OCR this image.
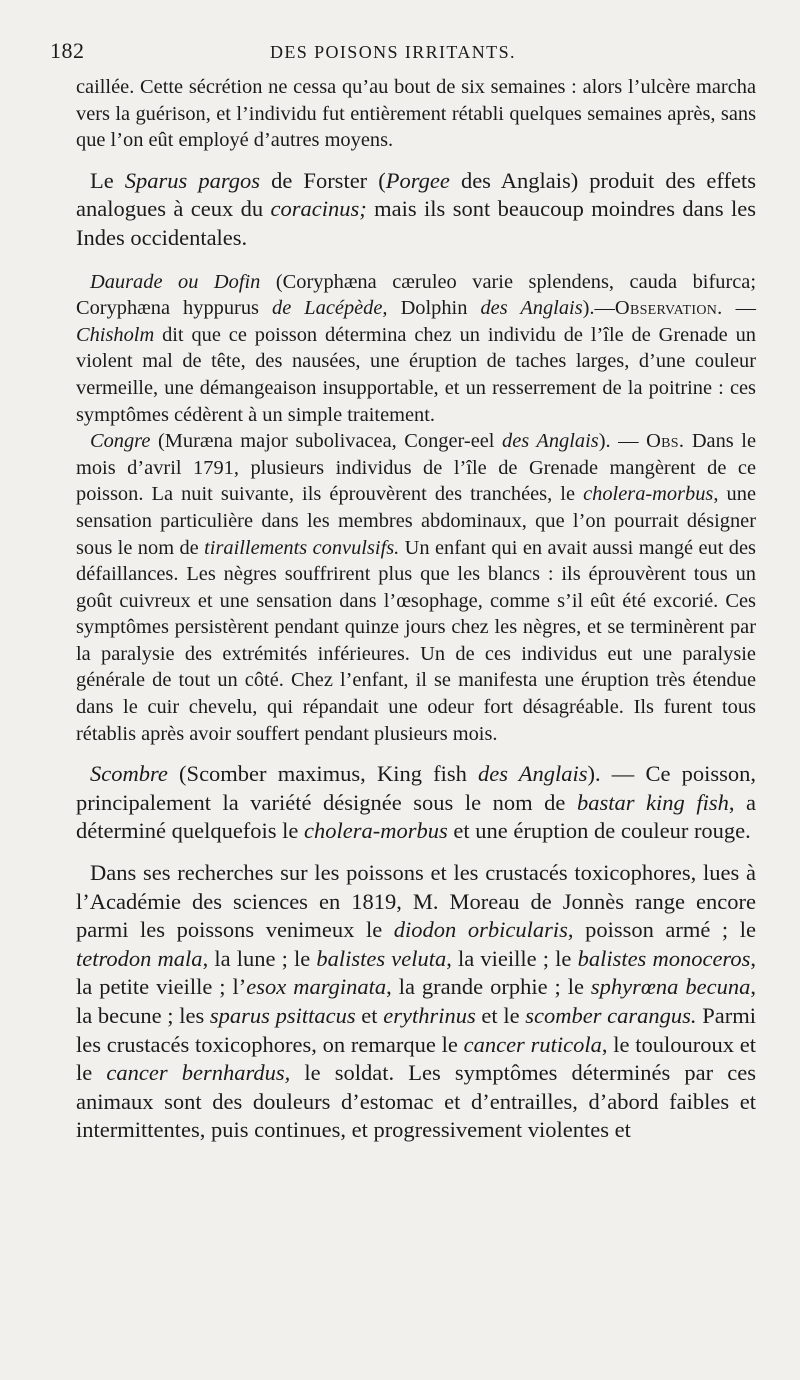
182	DES POISONS IRRITANTS.

caillée. Cette sécrétion ne cessa qu’au bout de six semaines : alors l’ulcère marcha vers la guérison, et l’individu fut entièrement rétabli quelques semaines après, sans que l’on eût employé d’autres moyens.

Le Sparus pargos de Forster (Porgee des Anglais) produit des effets analogues à ceux du coracinus; mais ils sont beaucoup moindres dans les Indes occidentales.

Daurade ou Dofin (Coryphæna cæruleo varie splendens, cauda bifurca; Coryphæna hyppurus de Lacépède, Dolphin des Anglais).—Observation. — Chisholm dit que ce poisson détermina chez un individu de l’île de Grenade un violent mal de tête, des nausées, une éruption de taches larges, d’une couleur vermeille, une démangeaison insupportable, et un resserrement de la poitrine : ces symptômes cédèrent à un simple traitement.

Congre (Muræna major subolivacea, Conger-eel des Anglais). — Obs. Dans le mois d’avril 1791, plusieurs individus de l’île de Grenade mangèrent de ce poisson. La nuit suivante, ils éprouvèrent des tranchées, le cholera-morbus, une sensation particulière dans les membres abdominaux, que l’on pourrait désigner sous le nom de tiraillements convulsifs. Un enfant qui en avait aussi mangé eut des défaillances. Les nègres souffrirent plus que les blancs : ils éprouvèrent tous un goût cuivreux et une sensation dans l’œsophage, comme s’il eût été excorié. Ces symptômes persistèrent pendant quinze jours chez les nègres, et se terminèrent par la paralysie des extrémités inférieures. Un de ces individus eut une paralysie générale de tout un côté. Chez l’enfant, il se manifesta une éruption très étendue dans le cuir chevelu, qui répandait une odeur fort désagréable. Ils furent tous rétablis après avoir souffert pendant plusieurs mois.

Scombre (Scomber maximus, King fish des Anglais). — Ce poisson, principalement la variété désignée sous le nom de bastar king fish, a déterminé quelquefois le cholera-morbus et une éruption de couleur rouge.

Dans ses recherches sur les poissons et les crustacés toxicophores, lues à l’Académie des sciences en 1819, M. Moreau de Jonnès range encore parmi les poissons venimeux le diodon orbicularis, poisson armé ; le tetrodon mala, la lune ; le balistes veluta, la vieille ; le balistes monoceros, la petite vieille ; l’esox marginata, la grande orphie ; le sphyrœna becuna, la becune ; les sparus psittacus et erythrinus et le scomber carangus. Parmi les crustacés toxicophores, on remarque le cancer ruticola, le toulouroux et le cancer bernhardus, le soldat. Les symptômes déterminés par ces animaux sont des douleurs d’estomac et d’entrailles, d’abord faibles et intermittentes, puis continues, et progressivement violentes et
